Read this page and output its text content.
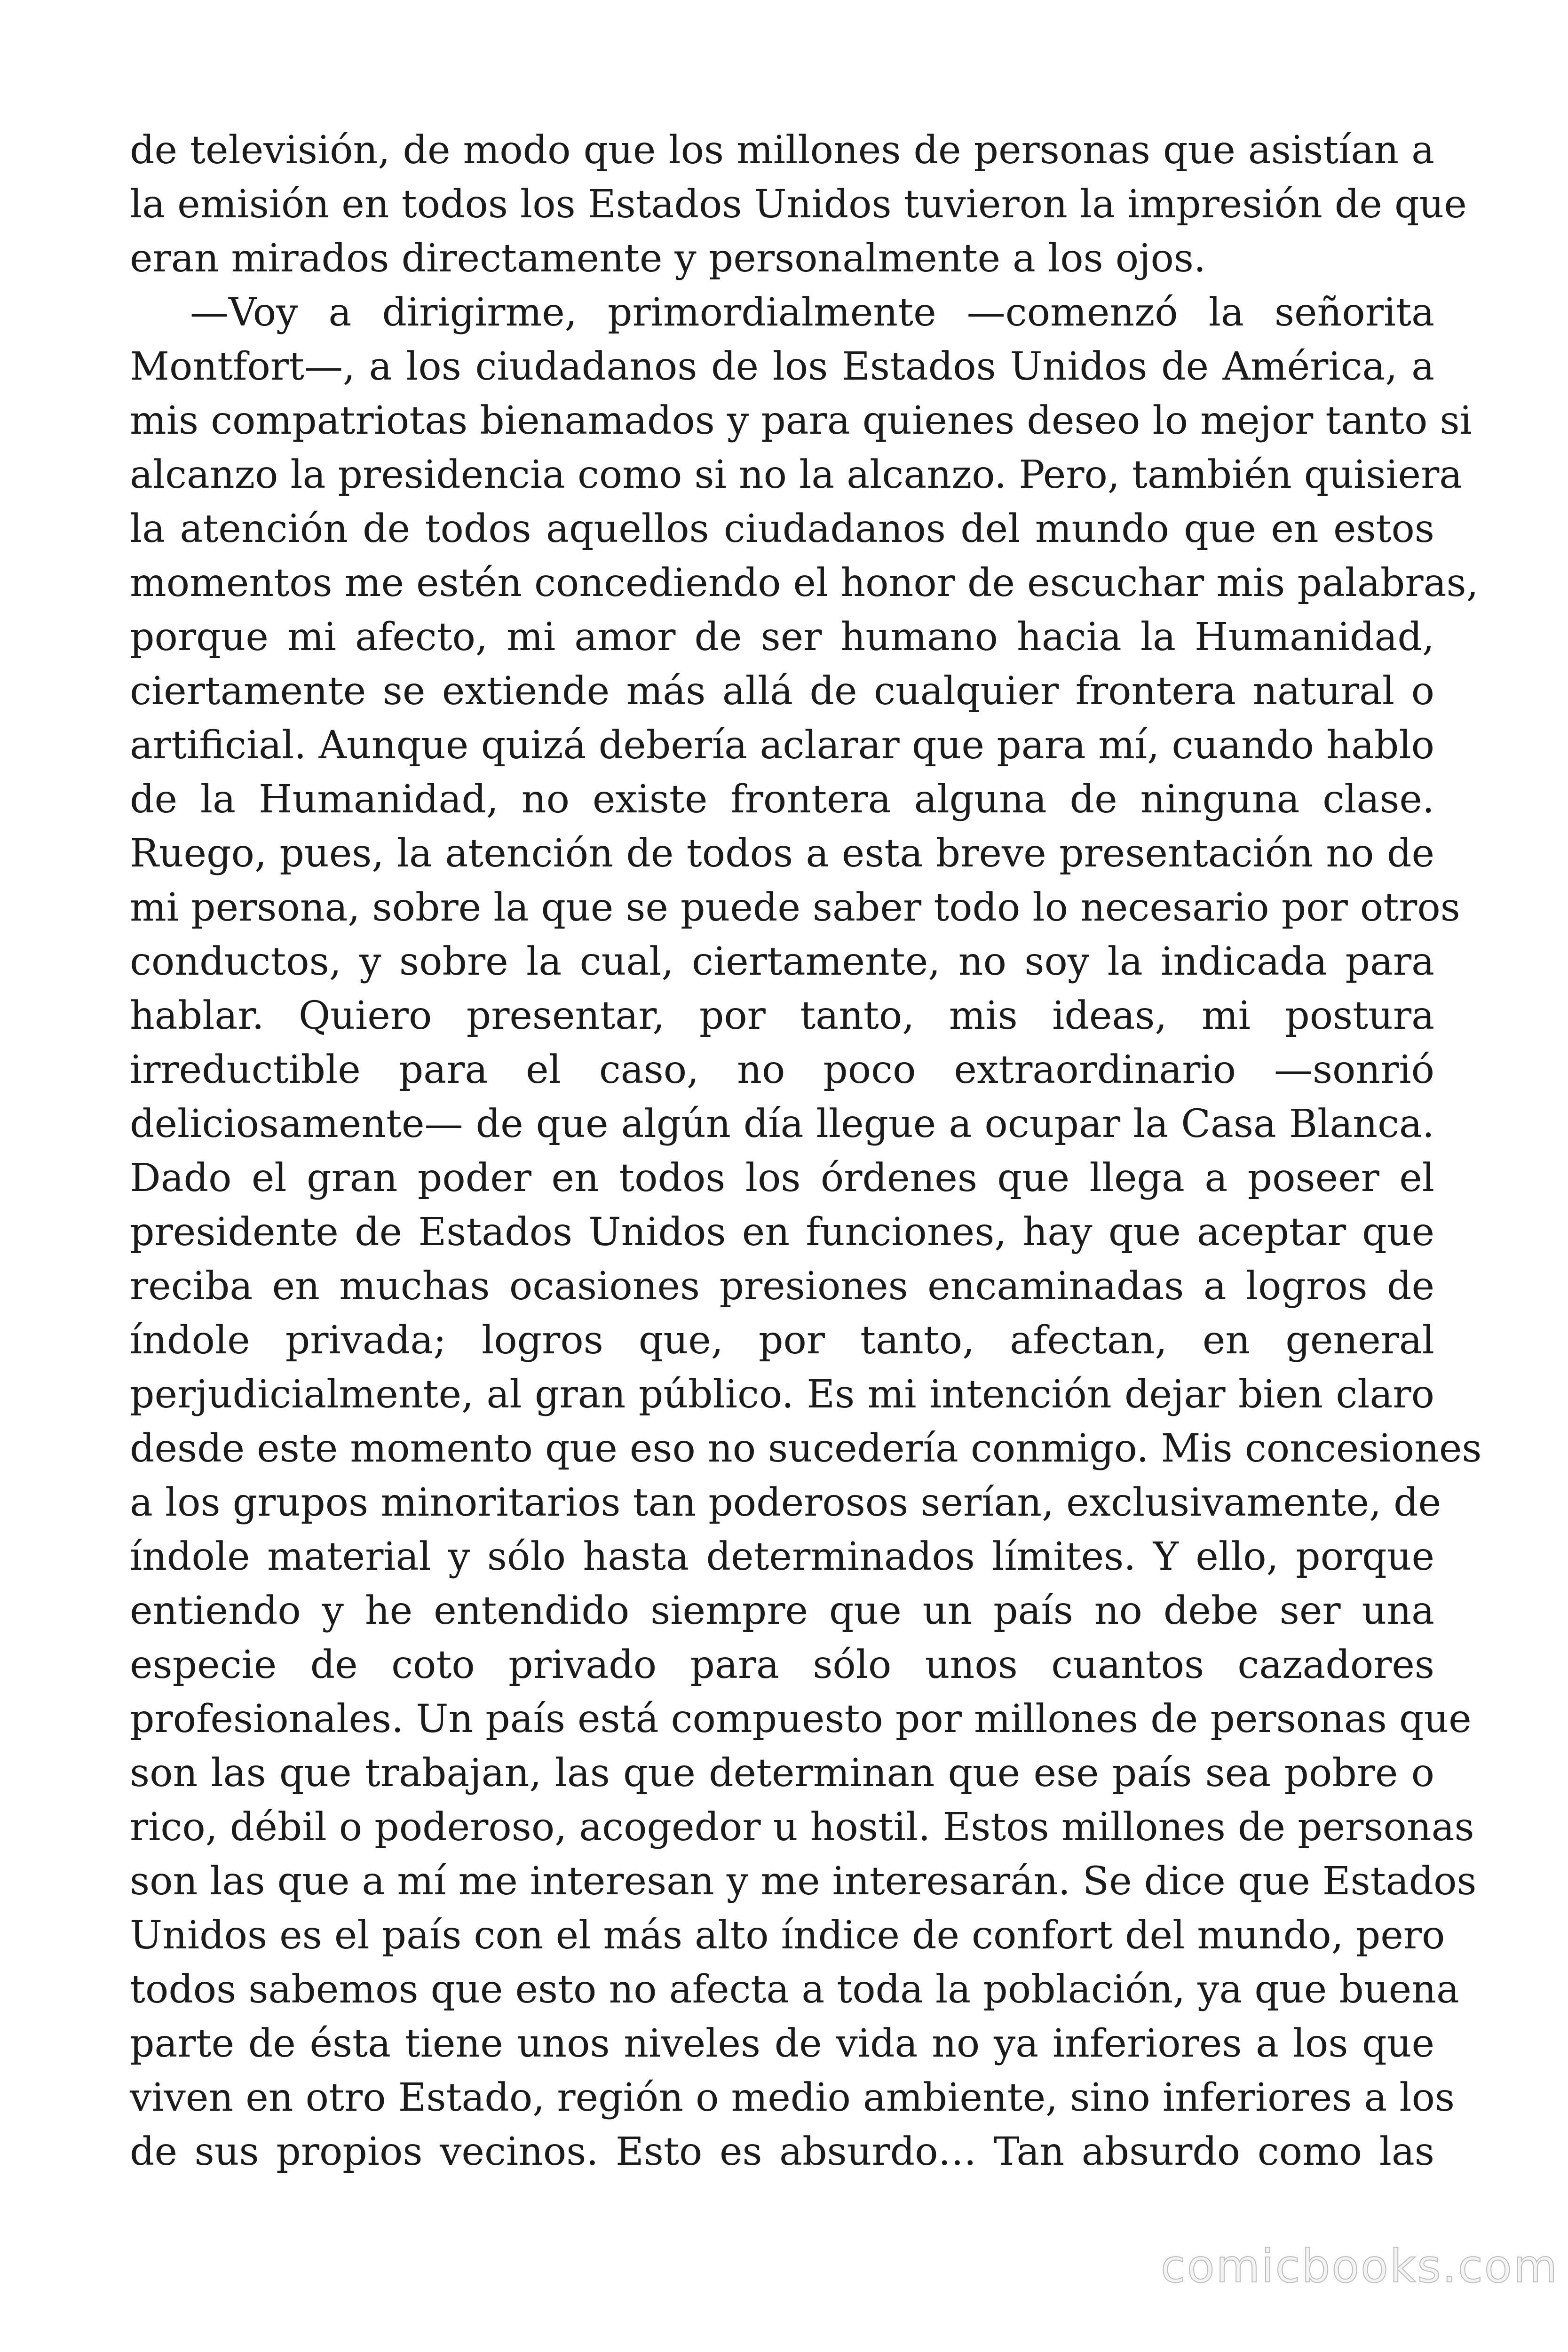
de televisión, de modo que los millones de personas que asistían a
la emisión en todos los Estados Unidos tuvieron la impresión de que
eran mirados directamente y personalmente a los ojos.
—Voy a dirigirme, primordialmente —comenzó la señorita
Montfort—, a los ciudadanos de los Estados Unidos de América, a
mis compatriotas bienamados y para quienes deseo lo mejor tanto si
alcanzo la presidencia como si no la alcanzo. Pero, también quisiera
la atención de todos aquellos ciudadanos del mundo que en estos
momentos me estén concediendo el honor de escuchar mis palabras,
porque mi afecto, mi amor de ser humano hacia la Humanidad,
ciertamente se extiende más allá de cualquier frontera natural o
artificial. Aunque quizá debería aclarar que para mí, cuando hablo
de la Humanidad, no existe frontera alguna de ninguna clase.
Ruego, pues, la atención de todos a esta breve presentación no de
mi persona, sobre la que se puede saber todo lo necesario por otros
conductos, y sobre la cual, ciertamente, no soy la indicada para
hablar. Quiero presentar, por tanto, mis ideas, mi postura
irreductible para el caso, no poco extraordinario —sonrió
deliciosamente— de que algún día llegue a ocupar la Casa Blanca.
Dado el gran poder en todos los órdenes que llega a poseer el
presidente de Estados Unidos en funciones, hay que aceptar que
reciba en muchas ocasiones presiones encaminadas a logros de
índole privada; logros que, por tanto, afectan, en general
perjudicialmente, al gran público. Es mi intención dejar bien claro
desde este momento que eso no sucedería conmigo. Mis concesiones
a los grupos minoritarios tan poderosos serían, exclusivamente, de
índole material y sólo hasta determinados límites. Y ello, porque
entiendo y he entendido siempre que un país no debe ser una
especie de coto privado para sólo unos cuantos cazadores
profesionales. Un país está compuesto por millones de personas que
son las que trabajan, las que determinan que ese país sea pobre o
rico, débil o poderoso, acogedor u hostil. Estos millones de personas
son las que a mí me interesan y me interesarán. Se dice que Estados
Unidos es el país con el más alto índice de confort del mundo, pero
todos sabemos que esto no afecta a toda la población, ya que buena
parte de ésta tiene unos niveles de vida no ya inferiores a los que
viven en otro Estado, región o medio ambiente, sino inferiores a los
de sus propios vecinos. Esto es absurdo… Tan absurdo como las
comicbooks.com
